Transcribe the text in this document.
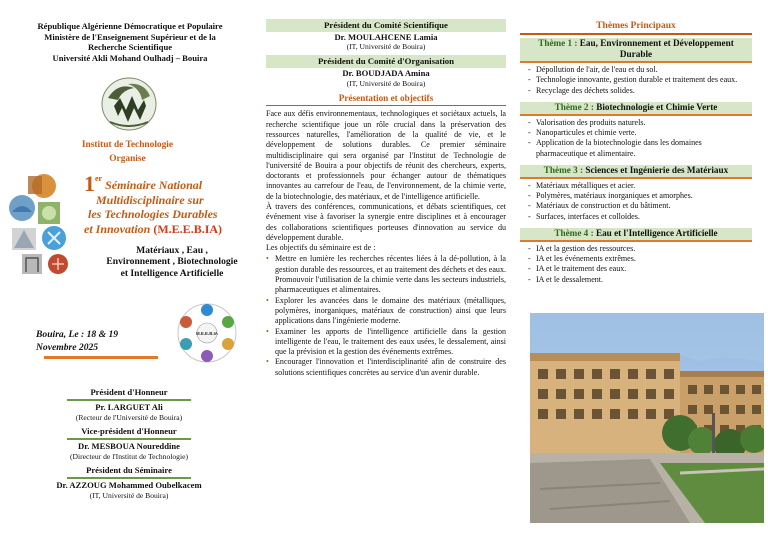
République Algérienne Démocratique et Populaire
Ministère de l'Enseignement Supérieur et de la
Recherche Scientifique
Université Akli Mohand Oulhadj – Bouira
Institut de Technologie
Organise
1er Séminaire National
Multidisciplinaire sur
les Technologies Durables
et Innovation (M.E.E.B.IA)
Matériaux , Eau ,
Environnement , Biotechnologie
et Intelligence Artificielle
Bouira, Le : 18 & 19
Novembre 2025
M.E.E.B.IA
Président d'Honneur
Pr. LARGUET Ali
(Recteur de l'Université de Bouira)
Vice-président d'Honneur
Dr. MESBOUA Noureddine
(Directeur de l'Institut de Technologie)
Président du Séminaire
Dr. AZZOUG Mohammed Oubelkacem
(IT, Université de Bouira)
Président du Comité Scientifique
Dr. MOULAHCENE Lamia
(IT, Université de Bouira)
Président du Comité d'Organisation
Dr. BOUDJADA Amina
(IT, Université de Bouira)
Présentation et objectifs

Face aux défis environnementaux, technologiques et sociétaux actuels, la recherche scientifique joue un rôle crucial dans la préservation des ressources naturelles, l'amélioration de la qualité de vie, et le développement de solutions durables. Ce premier séminaire multidisciplinaire qui sera organisé par l'Institut de Technologie de l'université de Bouira a pour objectifs de réunit des chercheurs, experts, doctorants et professionnels pour échanger autour de thématiques innovantes au carrefour de l'eau, de l'environnement, de la chimie verte, de la biotechnologie, des matériaux, et de l'intelligence artificielle.

À travers des conférences, communications, et débats scientifiques, cet événement vise à favoriser la synergie entre disciplines et à encourager des collaborations scientifiques porteuses d'innovation au service du développement durable.

Les objectifs du séminaire est de :

• Mettre en lumière les recherches récentes liées à la dé-pollution, à la gestion durable des ressources, et au traitement des déchets et des eaux. Promouvoir l'utilisation de la chimie verte dans les secteurs industriels, pharmaceutiques et alimentaires.
• Explorer les avancées dans le domaine des matériaux (métalliques, polymères, inorganiques, matériaux de construction) ainsi que leurs applications dans l'ingénierie moderne.
• Examiner les apports de l'intelligence artificielle dans la gestion intelligente de l'eau, le traitement des eaux usées, le dessalement, ainsi que la prévision et la gestion des événements extrêmes.
• Encourager l'innovation et l'interdisciplinarité afin de construire des solutions scientifiques concrètes au service d'un avenir durable.
Thèmes Principaux
Thème 1 : Eau, Environnement et Développement Durable
- Dépollution de l'air, de l'eau et du sol.
- Technologie innovante, gestion durable et traitement des eaux.
- Recyclage des déchets solides.
Thème 2 : Biotechnologie et Chimie Verte
- Valorisation des produits naturels.
- Nanoparticules et chimie verte.
- Application de la biotechnologie dans les domaines pharmaceutique et alimentaire.
Thème 3 : Sciences et Ingénierie des Matériaux
- Matériaux métalliques et acier.
- Polymères, matériaux inorganiques et amorphes.
- Matériaux de construction et du bâtiment.
- Surfaces, interfaces et colloïdes.
Thème 4 : Eau et l'Intelligence Artificielle
- IA et la gestion des ressources.
- IA et les événements extrêmes.
- IA et le traitement des eaux.
- IA et le dessalement.
